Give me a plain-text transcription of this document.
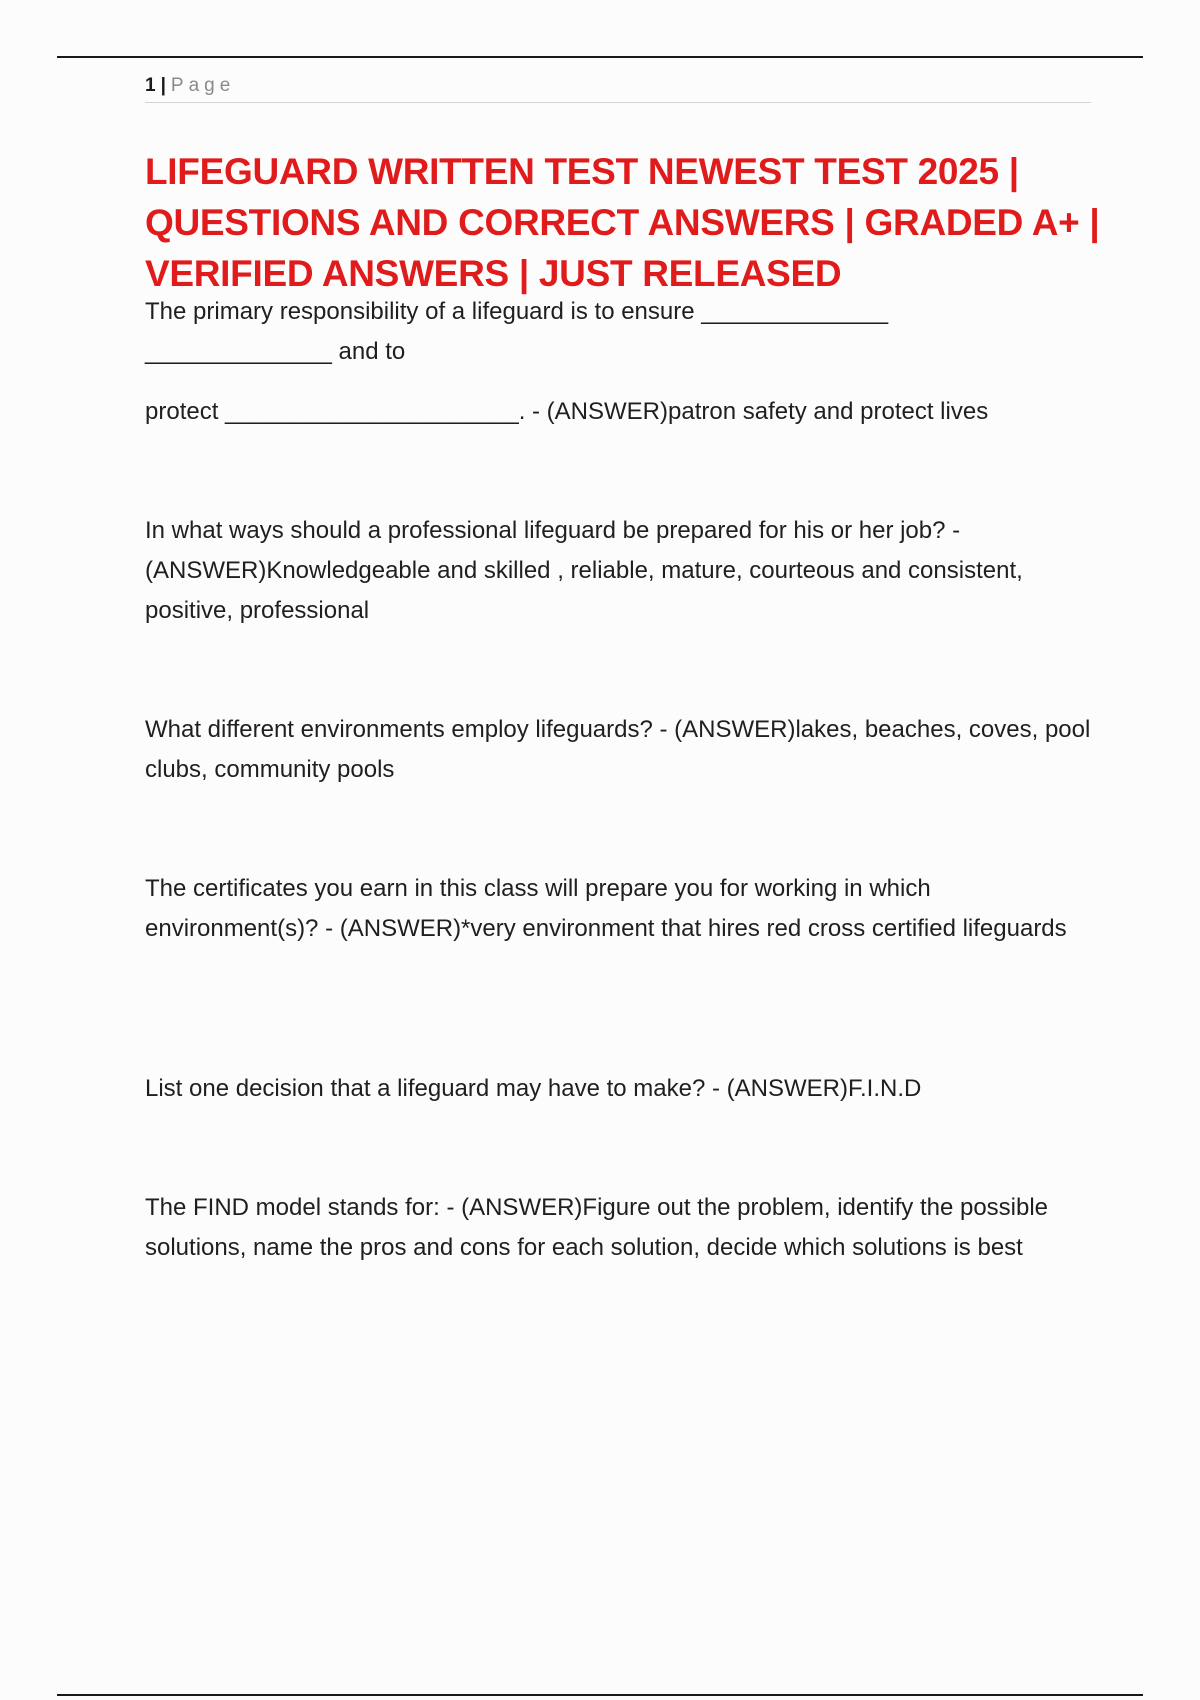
1 | Page
LIFEGUARD WRITTEN TEST NEWEST TEST 2025 | QUESTIONS AND CORRECT ANSWERS | GRADED A+ | VERIFIED ANSWERS | JUST RELEASED

The primary responsibility of a lifeguard is to ensure ______________

______________ and to

protect ______________________. - (ANSWER)patron safety and protect lives

In what ways should a professional lifeguard be prepared for his or her job? - (ANSWER)Knowledgeable and skilled , reliable, mature, courteous and consistent, positive, professional

What different environments employ lifeguards? - (ANSWER)lakes, beaches, coves, pool clubs, community pools

The certificates you earn in this class will prepare you for working in which environment(s)? - (ANSWER)*very environment that hires red cross certified lifeguards

List one decision that a lifeguard may have to make? - (ANSWER)F.I.N.D

The FIND model stands for: - (ANSWER)Figure out the problem, identify the possible solutions, name the pros and cons for each solution, decide which solutions is best
